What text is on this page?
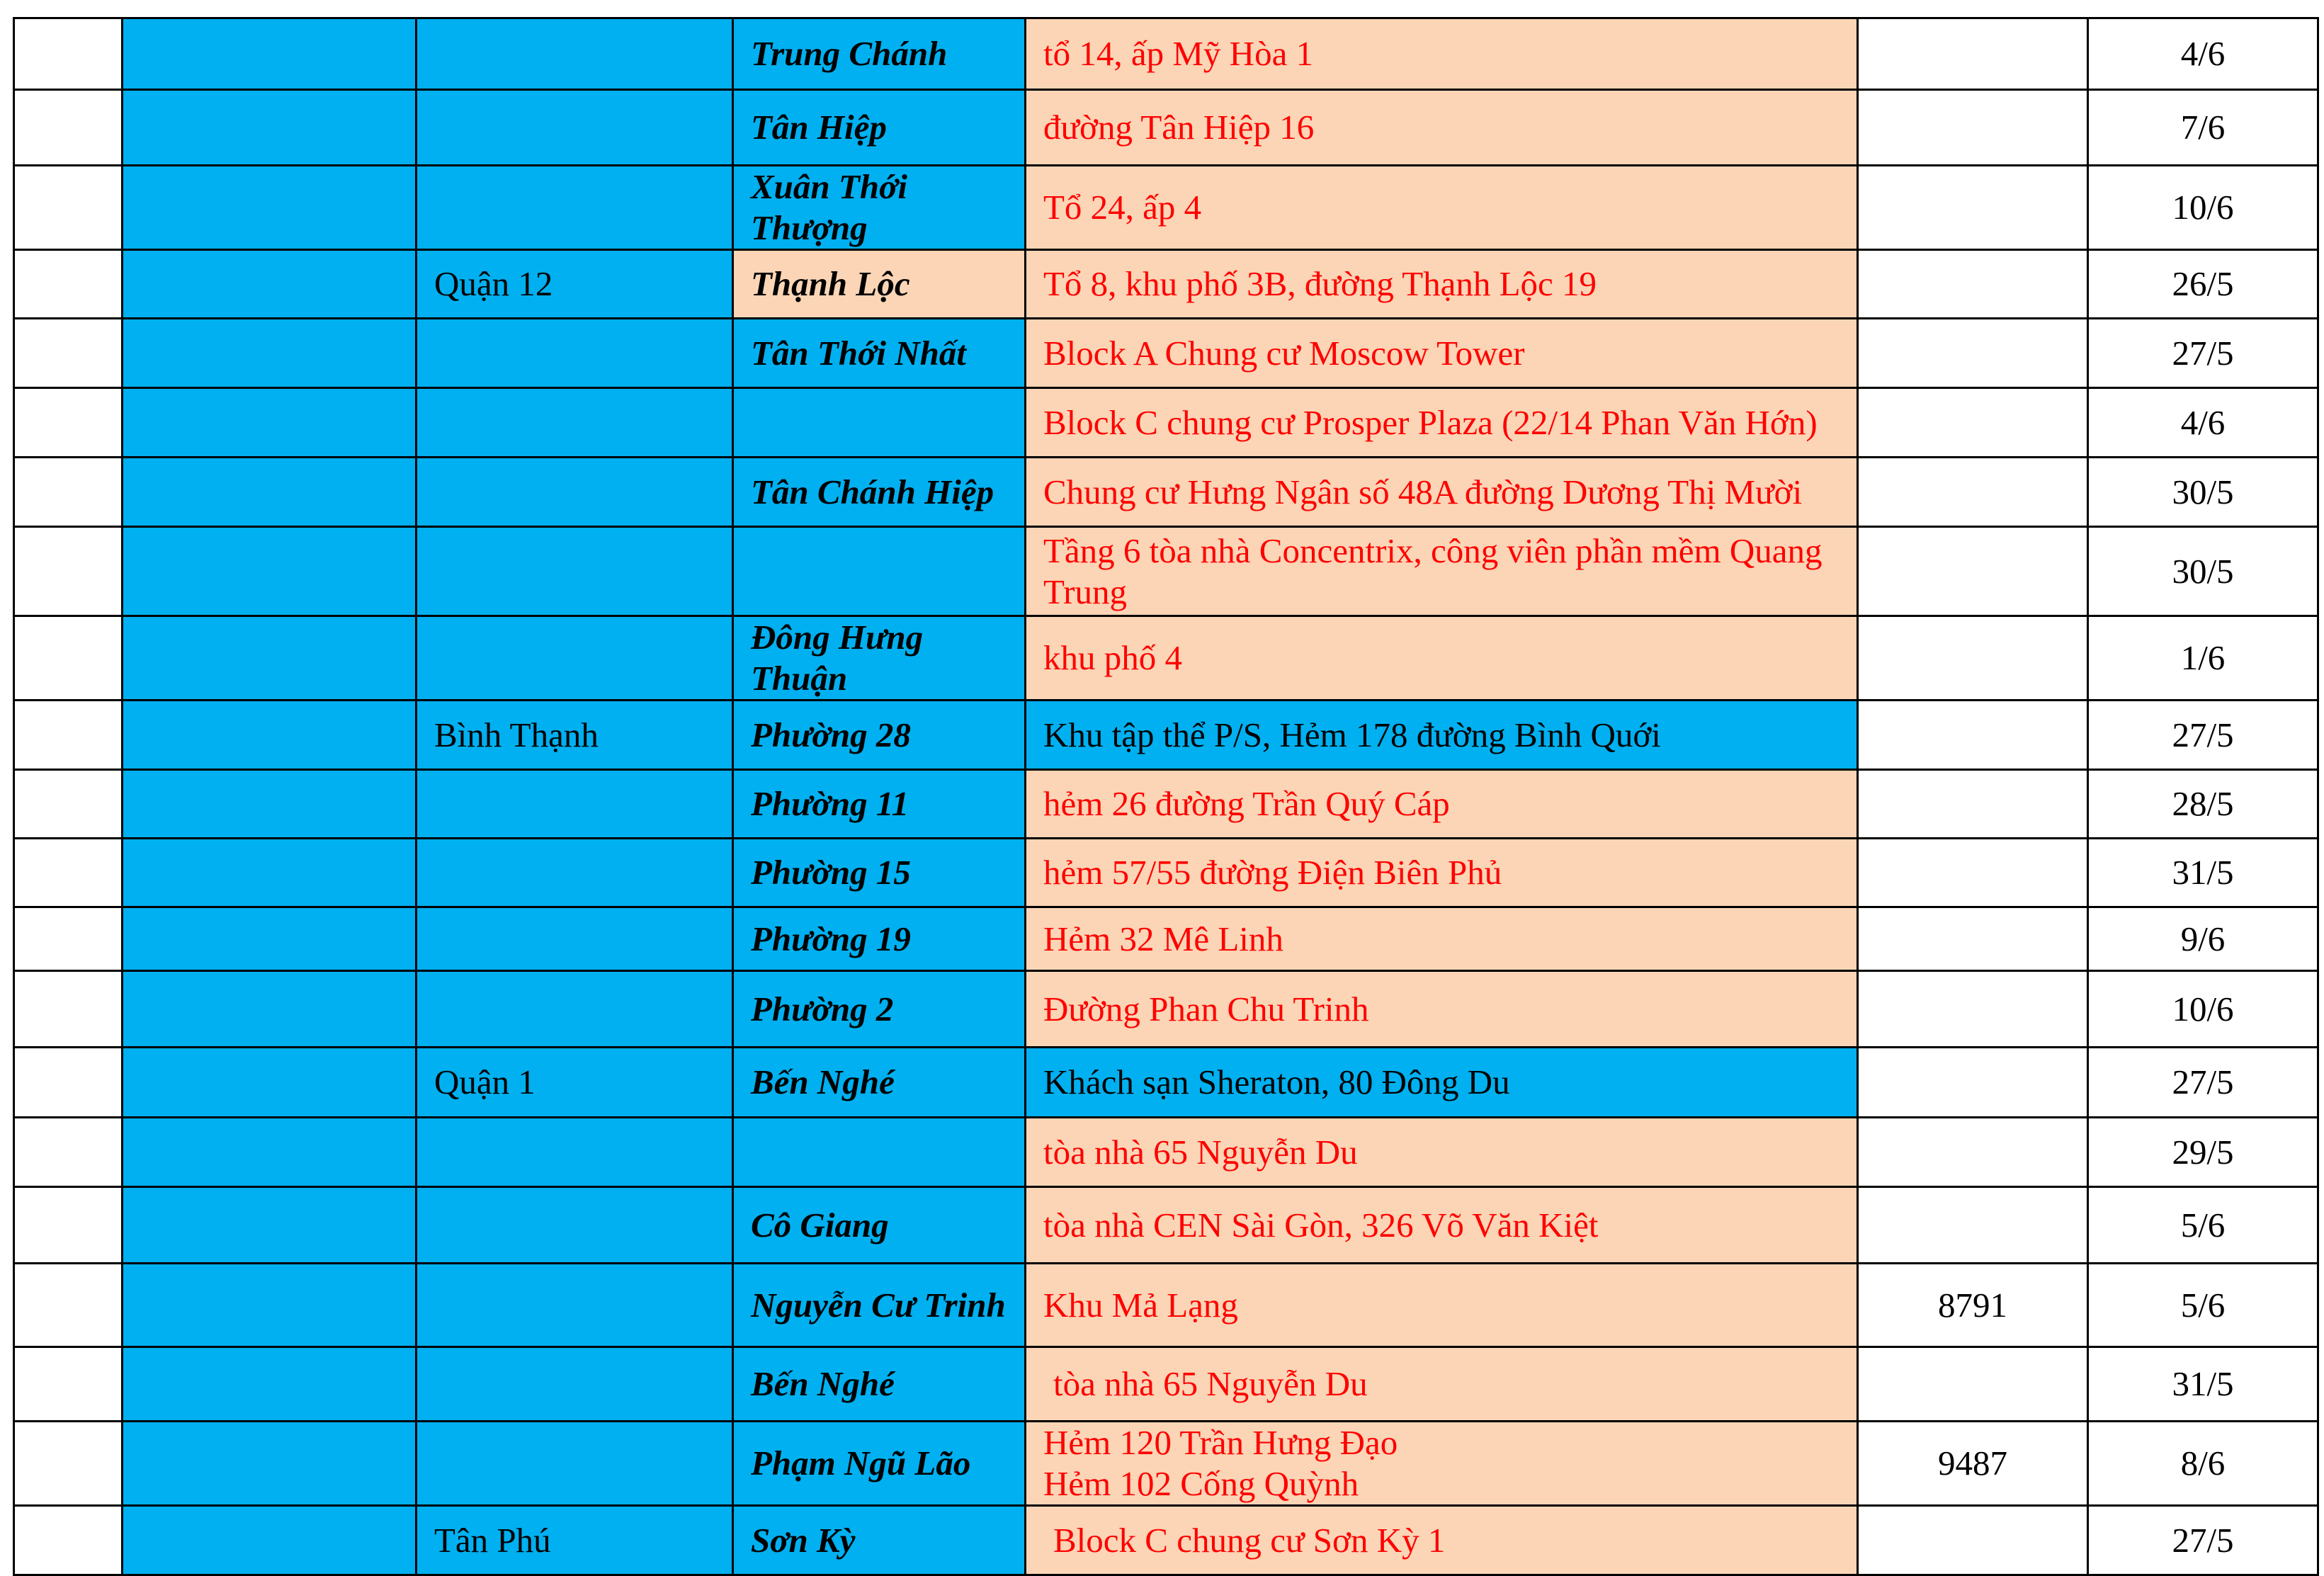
			Trung Chánh	tổ 14, ấp Mỹ Hòa 1		4/6
			Tân Hiệp	đường Tân Hiệp 16		7/6
			Xuân Thới Thượng	Tổ 24, ấp 4		10/6
		Quận 12	Thạnh Lộc	Tổ 8, khu phố 3B, đường Thạnh Lộc 19		26/5
			Tân Thới Nhất	Block A Chung cư Moscow Tower		27/5

				Block C chung cư Prosper Plaza (22/14 Phan Văn Hớn)		4/6
			Tân Chánh Hiệp	Chung cư Hưng Ngân số 48A đường Dương Thị Mười		30/5

				Tầng 6 tòa nhà Concentrix, công viên phần mềm Quang Trung		30/5
			Đông Hưng Thuận	khu phố 4		1/6
		Bình Thạnh	Phường 28	Khu tập thể P/S, Hẻm 178 đường Bình Quới		27/5
			Phường 11	hẻm 26 đường Trần Quý Cáp		28/5
			Phường 15	hẻm 57/55 đường Điện Biên Phủ		31/5
			Phường 19	Hẻm 32 Mê Linh		9/6
			Phường 2	Đường Phan Chu Trinh		10/6
		Quận 1	Bến Nghé	Khách sạn Sheraton, 80 Đông Du		27/5

				tòa nhà 65 Nguyễn Du		29/5
			Cô Giang	tòa nhà CEN Sài Gòn, 326 Võ Văn Kiệt		5/6
			Nguyễn Cư Trinh	Khu Mả Lạng	8791	5/6
			Bến Nghé	tòa nhà 65 Nguyễn Du		31/5
			Phạm Ngũ Lão	Hẻm 120 Trần Hưng Đạo
Hẻm 102 Cống Quỳnh	9487	8/6
		Tân Phú	Sơn Kỳ	Block C chung cư Sơn Kỳ 1		27/5
